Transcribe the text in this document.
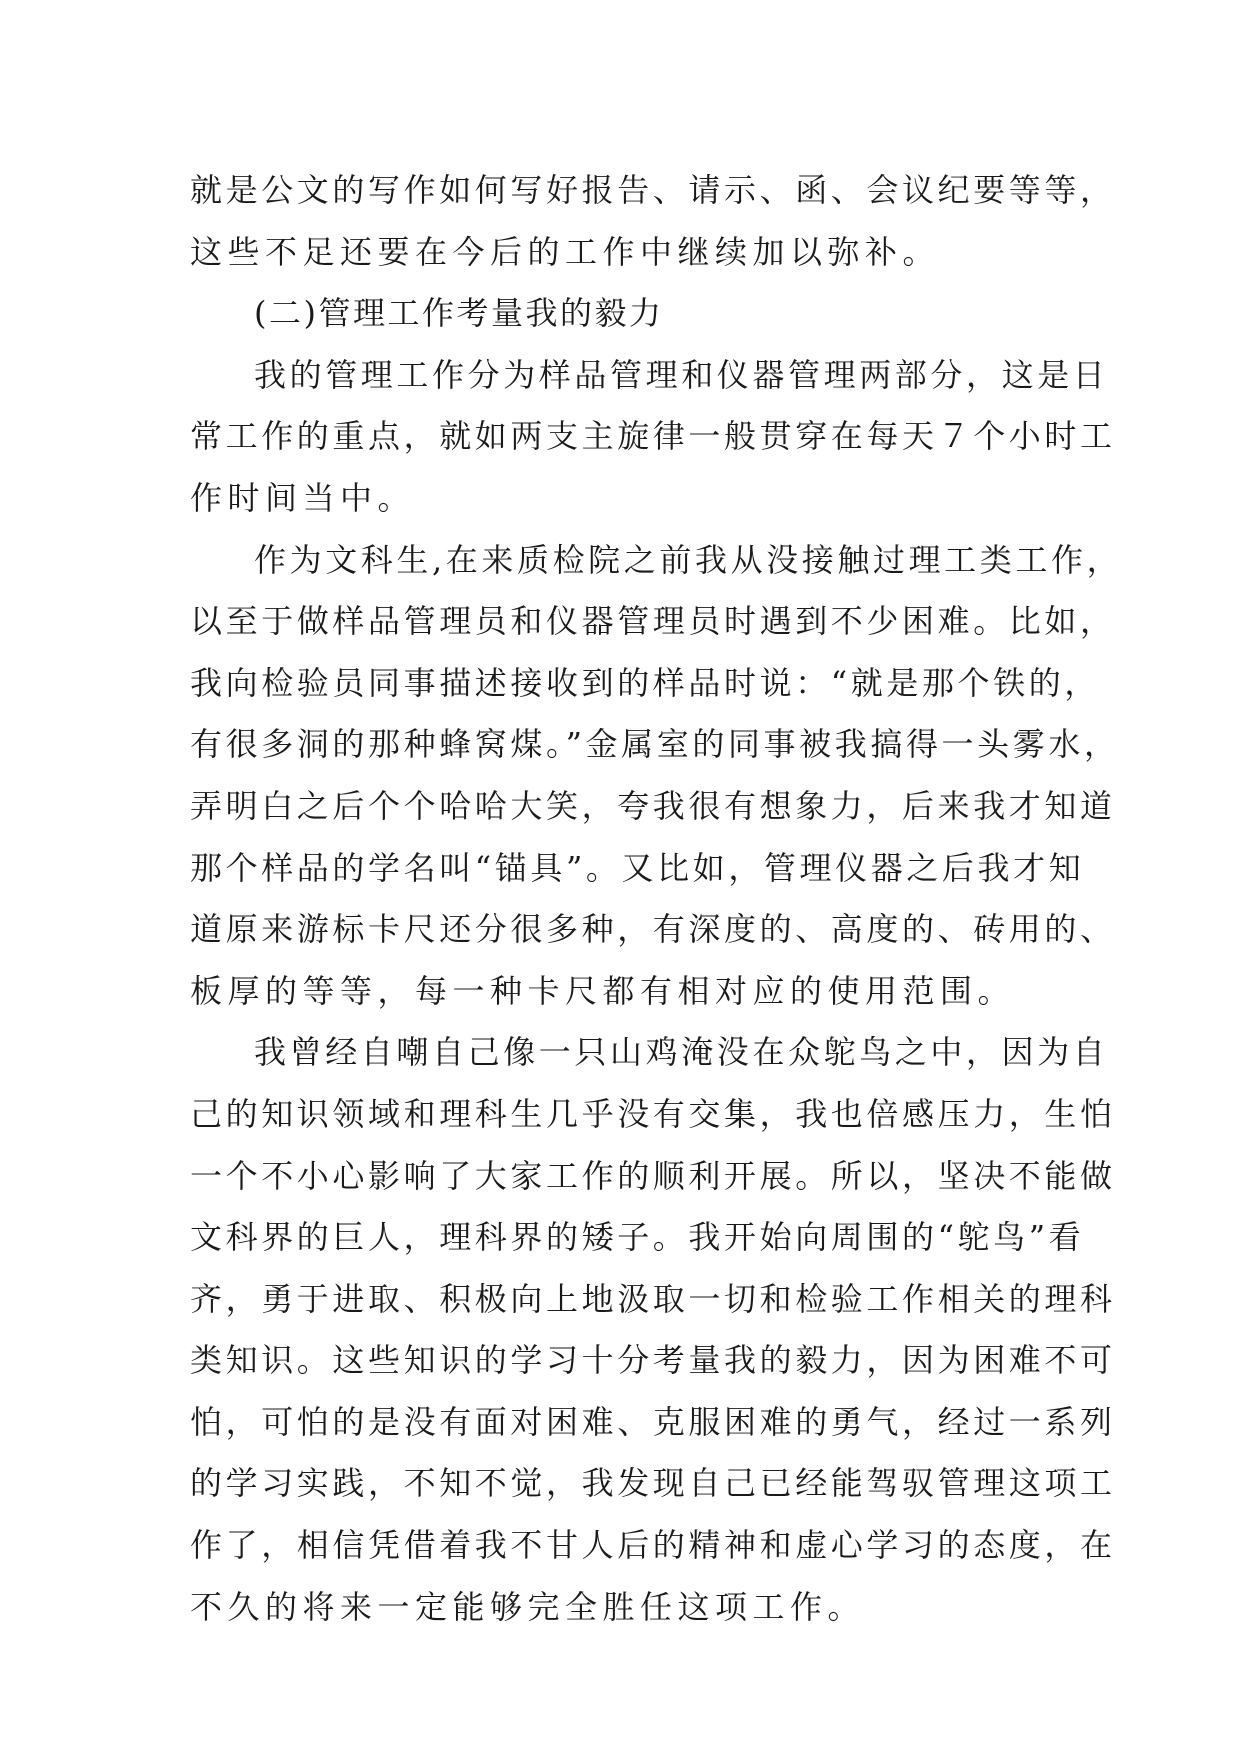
就是公文的写作如何写好报告、请示、函、会议纪要等等，
这些不足还要在今后的工作中继续加以弥补。
(二)管理工作考量我的毅力
我的管理工作分为样品管理和仪器管理两部分，这是日
常工作的重点，就如两支主旋律一般贯穿在每天７个小时工
作时间当中。
作为文科生,在来质检院之前我从没接触过理工类工作，
以至于做样品管理员和仪器管理员时遇到不少困难。比如，
我向检验员同事描述接收到的样品时说：“就是那个铁的，
有很多洞的那种蜂窝煤。”金属室的同事被我搞得一头雾水，
弄明白之后个个哈哈大笑，夸我很有想象力，后来我才知道
那个样品的学名叫“锚具”。又比如，管理仪器之后我才知
道原来游标卡尺还分很多种，有深度的、高度的、砖用的、
板厚的等等，每一种卡尺都有相对应的使用范围。
我曾经自嘲自己像一只山鸡淹没在众鸵鸟之中，因为自
己的知识领域和理科生几乎没有交集，我也倍感压力，生怕
一个不小心影响了大家工作的顺利开展。所以，坚决不能做
文科界的巨人，理科界的矮子。我开始向周围的“鸵鸟”看
齐，勇于进取、积极向上地汲取一切和检验工作相关的理科
类知识。这些知识的学习十分考量我的毅力，因为困难不可
怕，可怕的是没有面对困难、克服困难的勇气，经过一系列
的学习实践，不知不觉，我发现自己已经能驾驭管理这项工
作了，相信凭借着我不甘人后的精神和虚心学习的态度，在
不久的将来一定能够完全胜任这项工作。
